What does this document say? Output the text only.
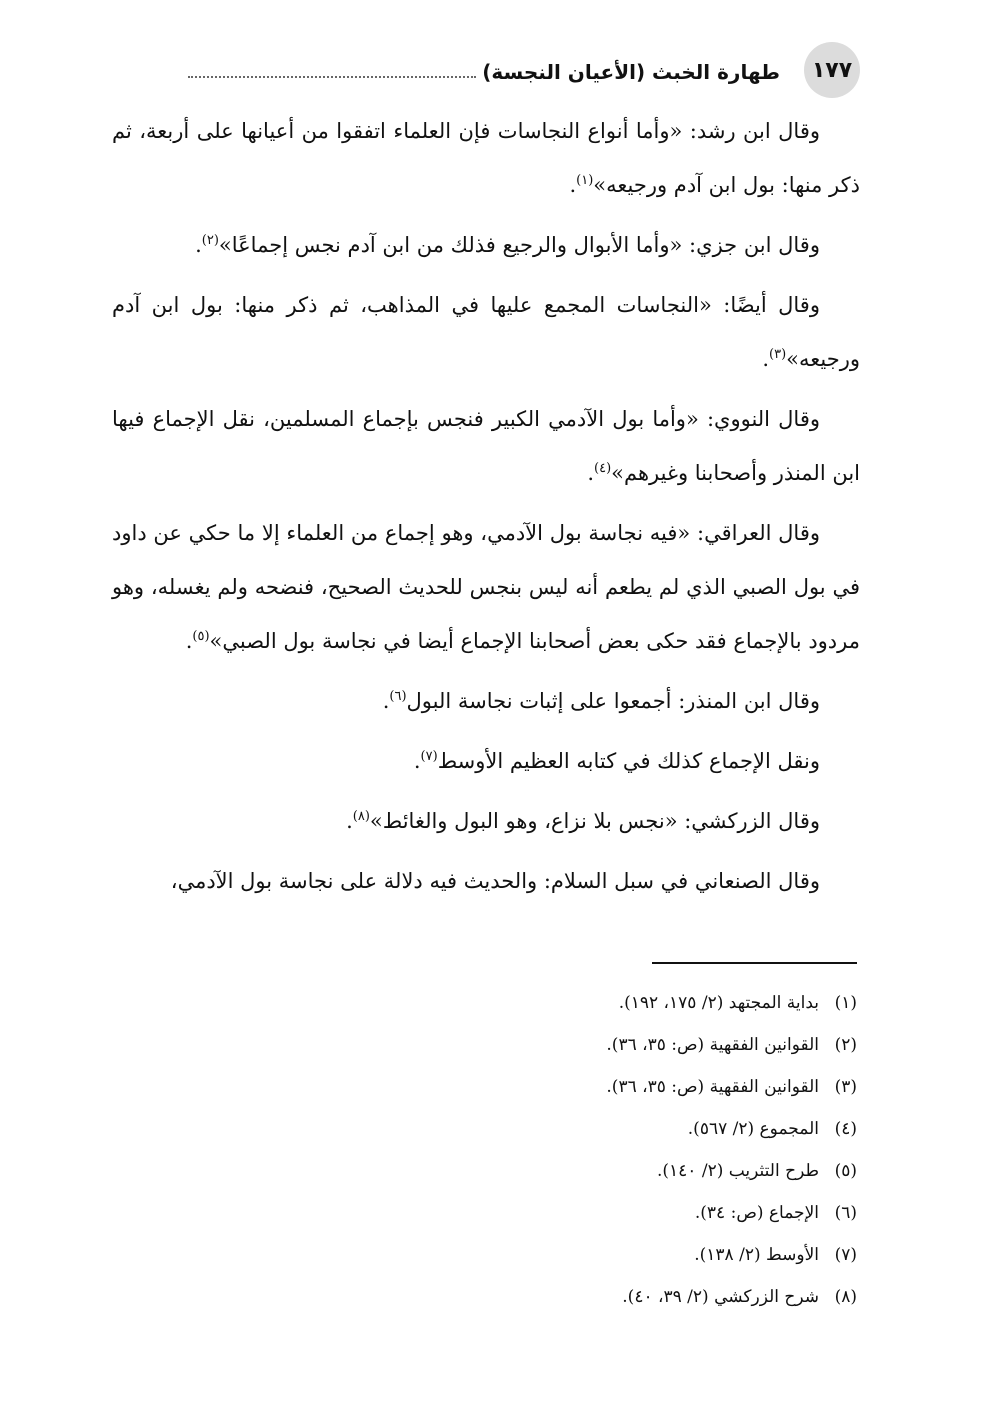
١٧٧
طهارة الخبث (الأعيان النجسة)

وقال ابن رشد: «وأما أنواع النجاسات فإن العلماء اتفقوا من أعيانها على أربعة، ثم ذكر منها: بول ابن آدم ورجيعه»$^{(١)}$.

وقال ابن جزي: «وأما الأبوال والرجيع فذلك من ابن آدم نجس إجماعًا»$^{(٢)}$.

وقال أيضًا: «النجاسات المجمع عليها في المذاهب، ثم ذكر منها: بول ابن آدم ورجيعه»$^{(٣)}$.

وقال النووي: «وأما بول الآدمي الكبير فنجس بإجماع المسلمين، نقل الإجماع فيها ابن المنذر وأصحابنا وغيرهم»$^{(٤)}$.

وقال العراقي: «فيه نجاسة بول الآدمي، وهو إجماع من العلماء إلا ما حكي عن داود في بول الصبي الذي لم يطعم أنه ليس بنجس للحديث الصحيح، فنضحه ولم يغسله، وهو مردود بالإجماع فقد حكى بعض أصحابنا الإجماع أيضا في نجاسة بول الصبي»$^{(٥)}$.

وقال ابن المنذر: أجمعوا على إثبات نجاسة البول$^{(٦)}$.

ونقل الإجماع كذلك في كتابه العظيم الأوسط$^{(٧)}$.

وقال الزركشي: «نجس بلا نزاع، وهو البول والغائط»$^{(٨)}$.

وقال الصنعاني في سبل السلام: والحديث فيه دلالة على نجاسة بول الآدمي،

(١)
بداية المجتهد (٢/ ١٧٥، ١٩٢).
(٢)
القوانين الفقهية (ص: ٣٥، ٣٦).
(٣)
القوانين الفقهية (ص: ٣٥، ٣٦).
(٤)
المجموع (٢/ ٥٦٧).
(٥)
طرح التثريب (٢/ ١٤٠).
(٦)
الإجماع (ص: ٣٤).
(٧)
الأوسط (٢/ ١٣٨).
(٨)
شرح الزركشي (٢/ ٣٩، ٤٠).
